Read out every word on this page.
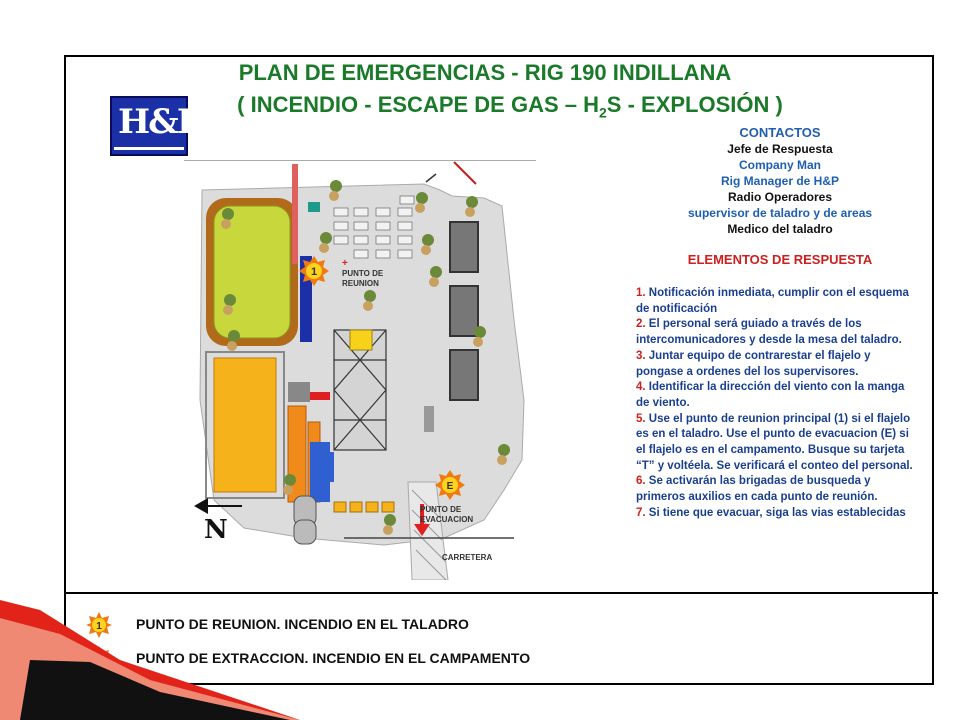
PLAN DE EMERGENCIAS - RIG 190 INDILLANA
( INCENDIO - ESCAPE DE GAS – $H_2S$ - EXPLOSIÓN )
H&P	CONTACTOS
Jefe de Respuesta
Company Man
Rig Manager de H&P
Radio Operadores
supervisor de taladro y de areas
Medico del taladro
ELEMENTOS DE RESPUESTA
1. Notificación inmediata, cumplir con el esquema de notificación
2. El personal será guiado a través de los intercomunicadores y desde la mesa del taladro.
3. Juntar equipo de contrarestar el flajelo y pongase a ordenes del los supervisores.
4. Identificar la dirección del viento con la manga de viento.
5. Use el punto de reunion principal (1) si el flajelo es en el taladro. Use el punto de evacuacion (E) si el flajelo es en el campamento. Busque su tarjeta “T” y voltéela. Se verificará el conteo del personal.
6. Se activarán las brigadas de busqueda y primeros auxilios en cada punto de reunión.
7. Si tiene que evacuar, siga las vias establecidas
N
1	PUNTO DE
REUNION
+
E
PUNTO DE
EVACUACION
CARRETERA
1 PUNTO DE REUNION. INCENDIO EN EL TALADRO
PUNTO DE EXTRACCION. INCENDIO EN EL CAMPAMENTO
